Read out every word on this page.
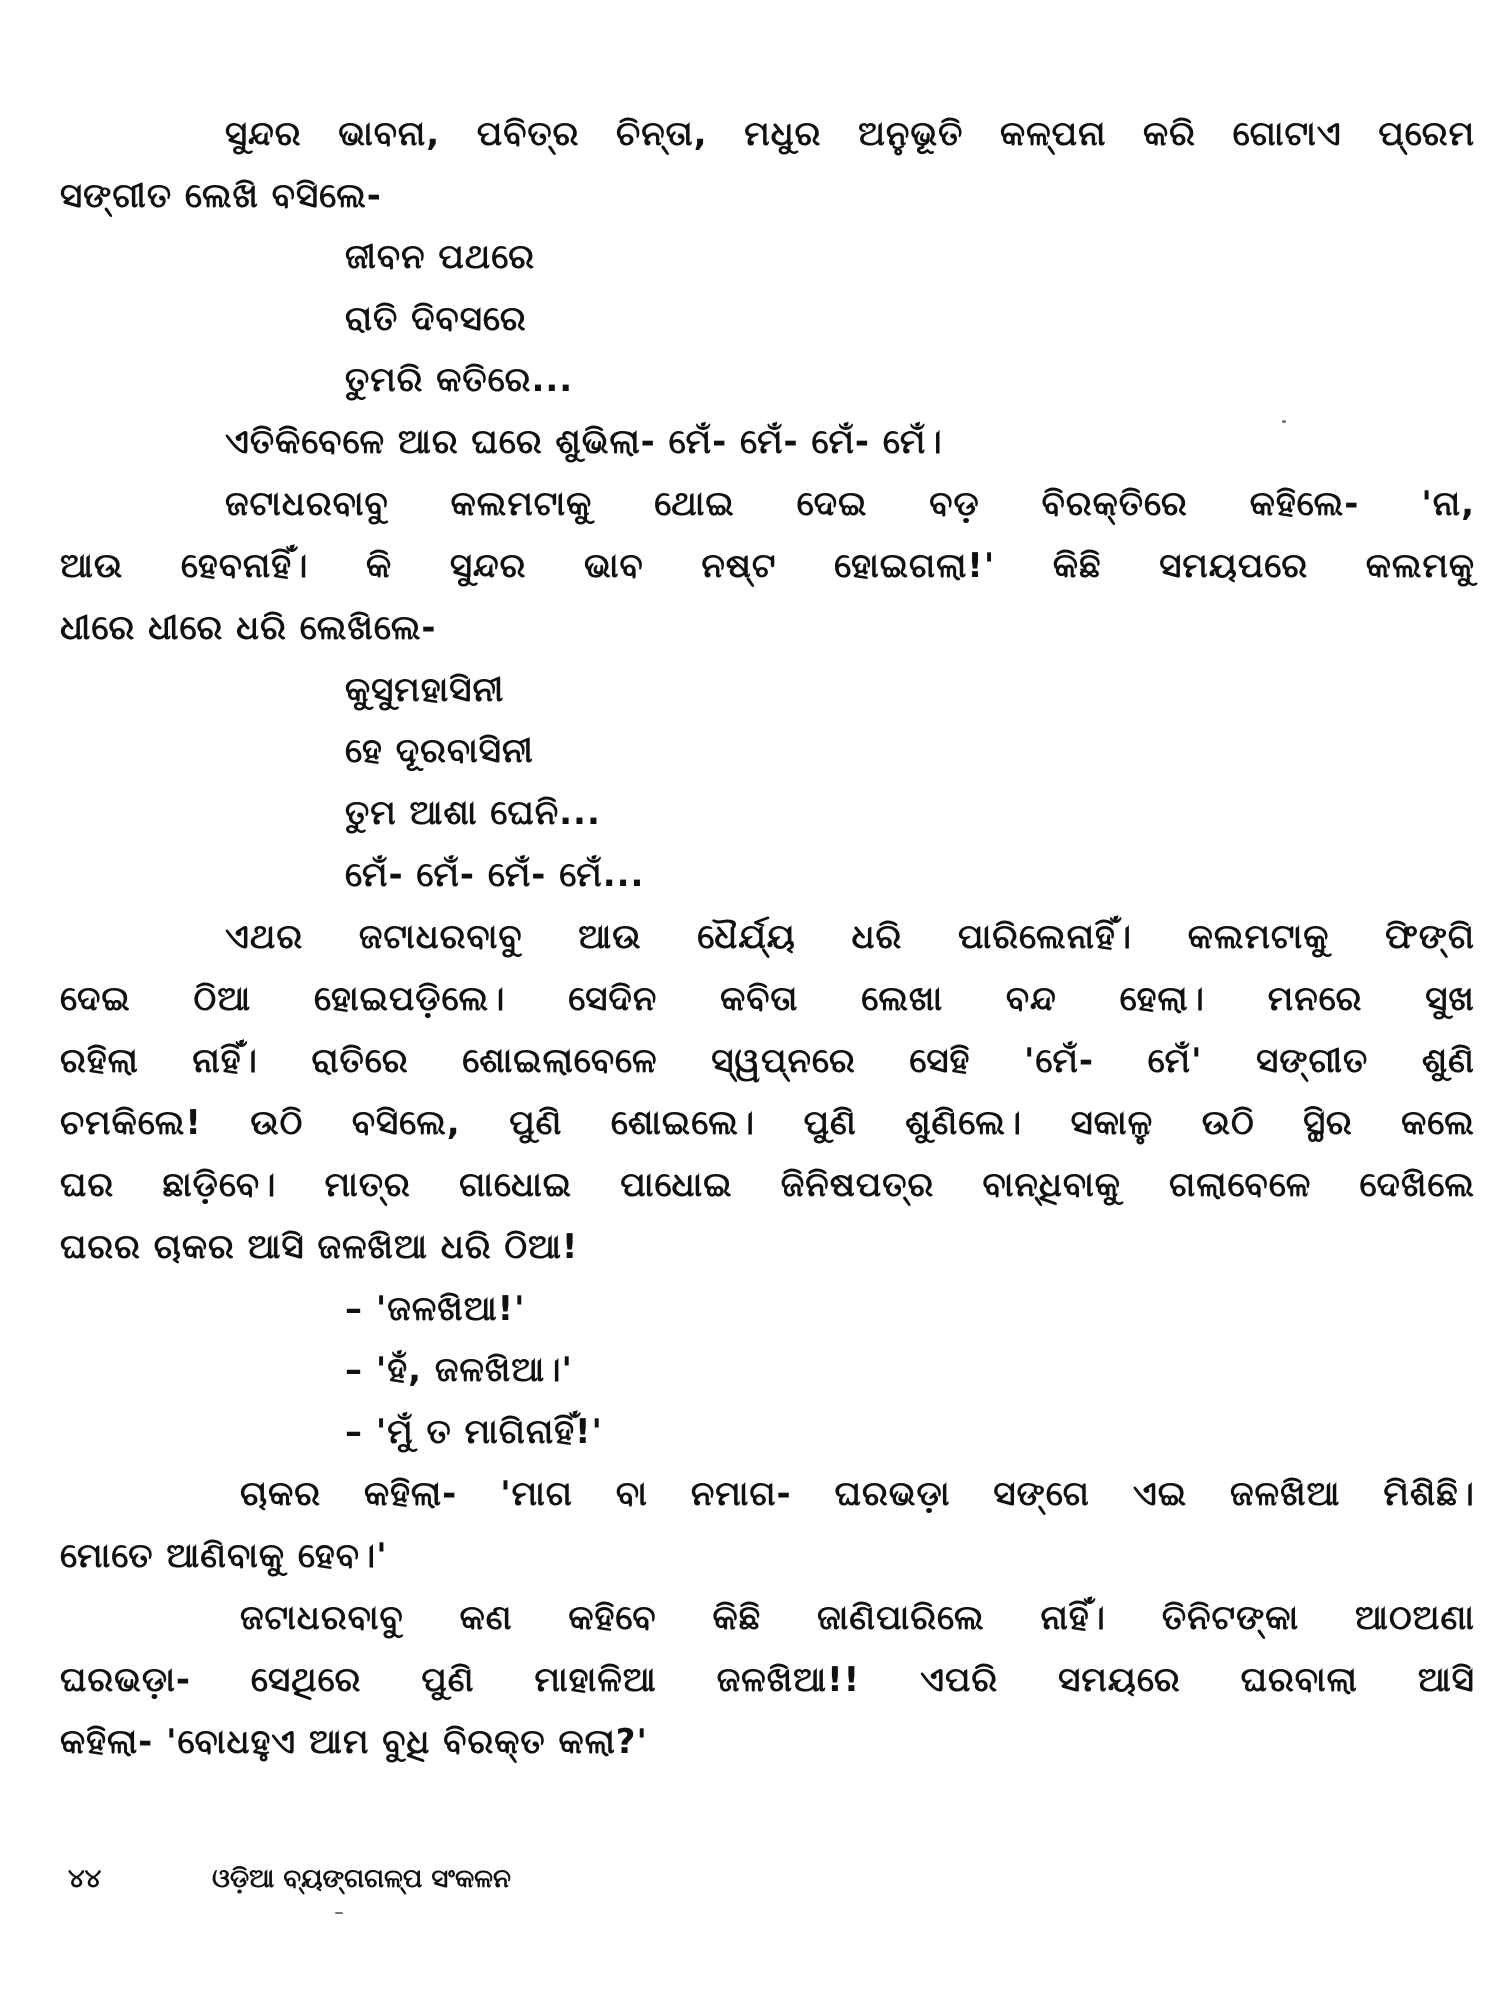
ସୁନ୍ଦର ଭାବନା, ପବିତ୍ର ଚିନ୍ତା, ମଧୁର ଅନୁଭୂତି କଳ୍ପନା କରି ଗୋଟାଏ ପ୍ରେମ
ସଙ୍ଗୀତ ଲେଖି ବସିଲେ-
ଜୀବନ ପଥରେ
ରାତି ଦିବସରେ
ତୁମରି କତିରେ...
ଏତିକିବେଳେ ଆର ଘରେ ଶୁଭିଲା- ମେଁ- ମେଁ- ମେଁ- ମେଁ।
ଜଟାଧରବାବୁ କଲମଟାକୁ ଥୋଇ ଦେଇ ବଡ଼ ବିରକ୍ତିରେ କହିଲେ- 'ନା,
ଆଉ ହେବନାହିଁ। କି ସୁନ୍ଦର ଭାବ ନଷ୍ଟ ହୋଇଗଲା!' କିଛି ସମୟପରେ କଲମକୁ
ଧୀରେ ଧୀରେ ଧରି ଲେଖିଲେ-
କୁସୁମହାସିନୀ
ହେ ଦୂରବାସିନୀ
ତୁମ ଆଶା ଘେନି...
ମେଁ- ମେଁ- ମେଁ- ମେଁ...
ଏଥର ଜଟାଧରବାବୁ ଆଉ ଧୈର୍ଯ୍ୟ ଧରି ପାରିଲେନାହିଁ। କଲମଟାକୁ ଫିଙ୍ଗି
ଦେଇ ଠିଆ ହୋଇପଡ଼ିଲେ। ସେଦିନ କବିତା ଲେଖା ବନ୍ଦ ହେଲା। ମନରେ ସୁଖ
ରହିଲା ନାହିଁ। ରାତିରେ ଶୋଇଲାବେଳେ ସ୍ୱପ୍ନରେ ସେହି 'ମେଁ- ମେଁ' ସଙ୍ଗୀତ ଶୁଣି
ଚମକିଲେ! ଉଠି ବସିଲେ, ପୁଣି ଶୋଇଲେ। ପୁଣି ଶୁଣିଲେ। ସକାଳୁ ଉଠି ସ୍ଥିର କଲେ
ଘର ଛାଡ଼ିବେ। ମାତ୍ର ଗାଧୋଇ ପାଧୋଇ ଜିନିଷପତ୍ର ବାନ୍ଧିବାକୁ ଗଲାବେଳେ ଦେଖିଲେ
ଘରର ଚାକର ଆସି ଜଳଖିଆ ଧରି ଠିଆ!
– 'ଜଳଖିଆ!'
– 'ହଁ, ଜଳଖିଆ।'
– 'ମୁଁ ତ ମାଗିନାହିଁ!'
ଚାକର କହିଲା- 'ମାଗ ବା ନମାଗ- ଘରଭଡ଼ା ସଙ୍ଗେ ଏଇ ଜଳଖିଆ ମିଶିଛି।
ମୋତେ ଆଣିବାକୁ ହେବ।'
ଜଟାଧରବାବୁ କଣ କହିବେ କିଛି ଜାଣିପାରିଲେ ନାହିଁ। ତିନିଟଙ୍କା ଆଠଅଣା
ଘରଭଡ଼ା- ସେଥିରେ ପୁଣି ମାହାଳିଆ ଜଳଖିଆ!! ଏପରି ସମୟରେ ଘରବାଲା ଆସି
କହିଲା- 'ବୋଧହୁଏ ଆମ ବୁଧି ବିରକ୍ତ କଲା?'
୪୪	ଓଡ଼ିଆ ବ୍ୟଙ୍ଗଗଳ୍ପ ସଂକଳନ
